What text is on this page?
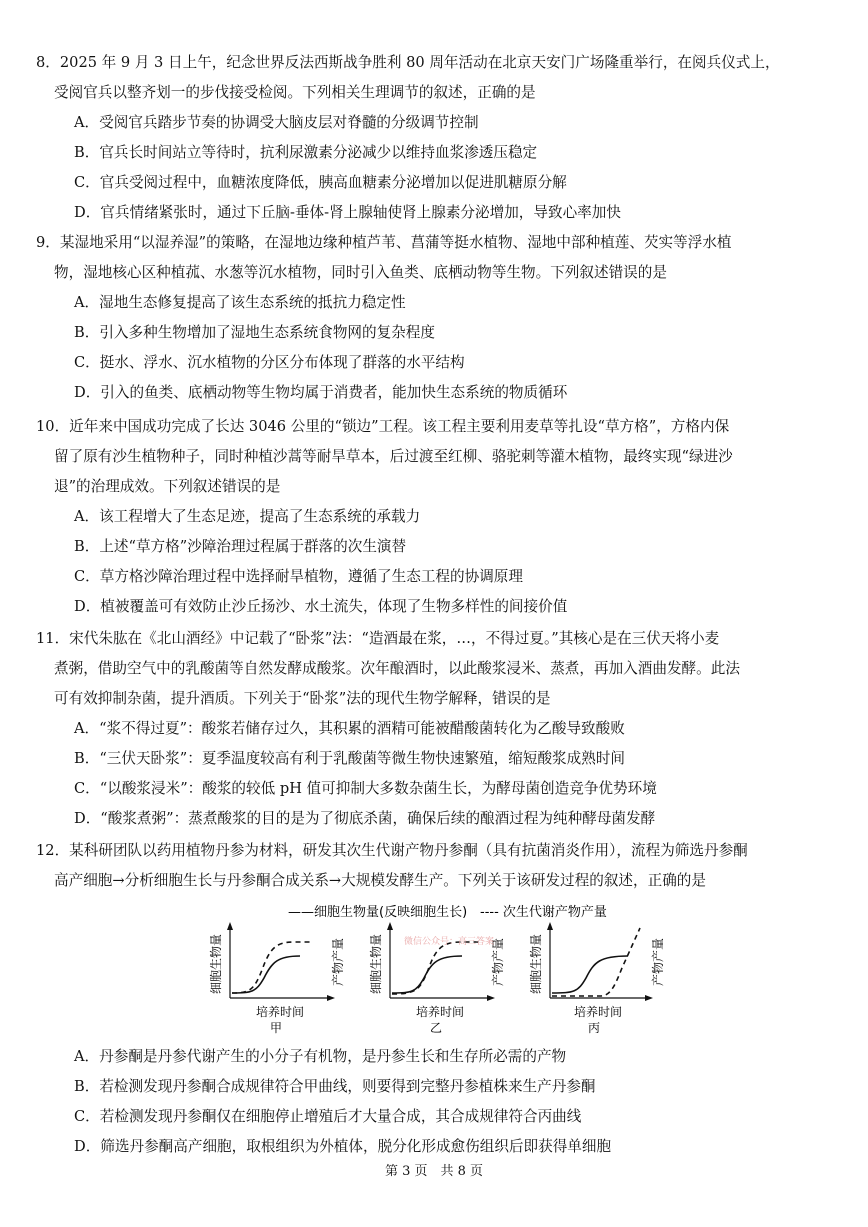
8．2025 年 9 月 3 日上午，纪念世界反法西斯战争胜利 80 周年活动在北京天安门广场隆重举行，在阅兵仪式上，
受阅官兵以整齐划一的步伐接受检阅。下列相关生理调节的叙述，正确的是
A．受阅官兵踏步节奏的协调受大脑皮层对脊髓的分级调节控制
B．官兵长时间站立等待时，抗利尿激素分泌减少以维持血浆渗透压稳定
C．官兵受阅过程中，血糖浓度降低，胰高血糖素分泌增加以促进肌糖原分解
D．官兵情绪紧张时，通过下丘脑-垂体-肾上腺轴使肾上腺素分泌增加，导致心率加快
9．某湿地采用“以湿养湿”的策略，在湿地边缘种植芦苇、菖蒲等挺水植物、湿地中部种植莲、芡实等浮水植
物，湿地核心区种植菰、水葱等沉水植物，同时引入鱼类、底栖动物等生物。下列叙述错误的是
A．湿地生态修复提高了该生态系统的抵抗力稳定性
B．引入多种生物增加了湿地生态系统食物网的复杂程度
C．挺水、浮水、沉水植物的分区分布体现了群落的水平结构
D．引入的鱼类、底栖动物等生物均属于消费者，能加快生态系统的物质循环
10．近年来中国成功完成了长达 3046 公里的“锁边”工程。该工程主要利用麦草等扎设“草方格”，方格内保
留了原有沙生植物种子，同时种植沙蒿等耐旱草本，后过渡至红柳、骆驼刺等灌木植物，最终实现“绿进沙
退”的治理成效。下列叙述错误的是
A．该工程增大了生态足迹，提高了生态系统的承载力
B．上述“草方格”沙障治理过程属于群落的次生演替
C．草方格沙障治理过程中选择耐旱植物，遵循了生态工程的协调原理
D．植被覆盖可有效防止沙丘扬沙、水土流失，体现了生物多样性的间接价值
11．宋代朱肱在《北山酒经》中记载了“卧浆”法：“造酒最在浆，…，不得过夏。”其核心是在三伏天将小麦
煮粥，借助空气中的乳酸菌等自然发酵成酸浆。次年酿酒时，以此酸浆浸米、蒸煮，再加入酒曲发酵。此法
可有效抑制杂菌，提升酒质。下列关于“卧浆”法的现代生物学解释，错误的是
A．“浆不得过夏”：酸浆若储存过久，其积累的酒精可能被醋酸菌转化为乙酸导致酸败
B．“三伏天卧浆”：夏季温度较高有利于乳酸菌等微生物快速繁殖，缩短酸浆成熟时间
C．“以酸浆浸米”：酸浆的较低 pH 值可抑制大多数杂菌生长，为酵母菌创造竞争优势环境
D．“酸浆煮粥”：蒸煮酸浆的目的是为了彻底杀菌，确保后续的酿酒过程为纯种酵母菌发酵
12．某科研团队以药用植物丹参为材料，研发其次生代谢产物丹参酮（具有抗菌消炎作用），流程为筛选丹参酮
高产细胞→分析细胞生长与丹参酮合成关系→大规模发酵生产。下列关于该研发过程的叙述，正确的是
——细胞生物量(反映细胞生长) ---- 次生代谢产物产量
细胞生物量	产物产量
培养时间
甲
细胞生物量	产物产量
微信公众号：高三答案
培养时间
乙
细胞生物量	产物产量
培养时间
丙
A．丹参酮是丹参代谢产生的小分子有机物，是丹参生长和生存所必需的产物
B．若检测发现丹参酮合成规律符合甲曲线，则要得到完整丹参植株来生产丹参酮
C．若检测发现丹参酮仅在细胞停止增殖后才大量合成，其合成规律符合丙曲线
D．筛选丹参酮高产细胞，取根组织为外植体，脱分化形成愈伤组织后即获得单细胞
第 3 页　共 8 页
